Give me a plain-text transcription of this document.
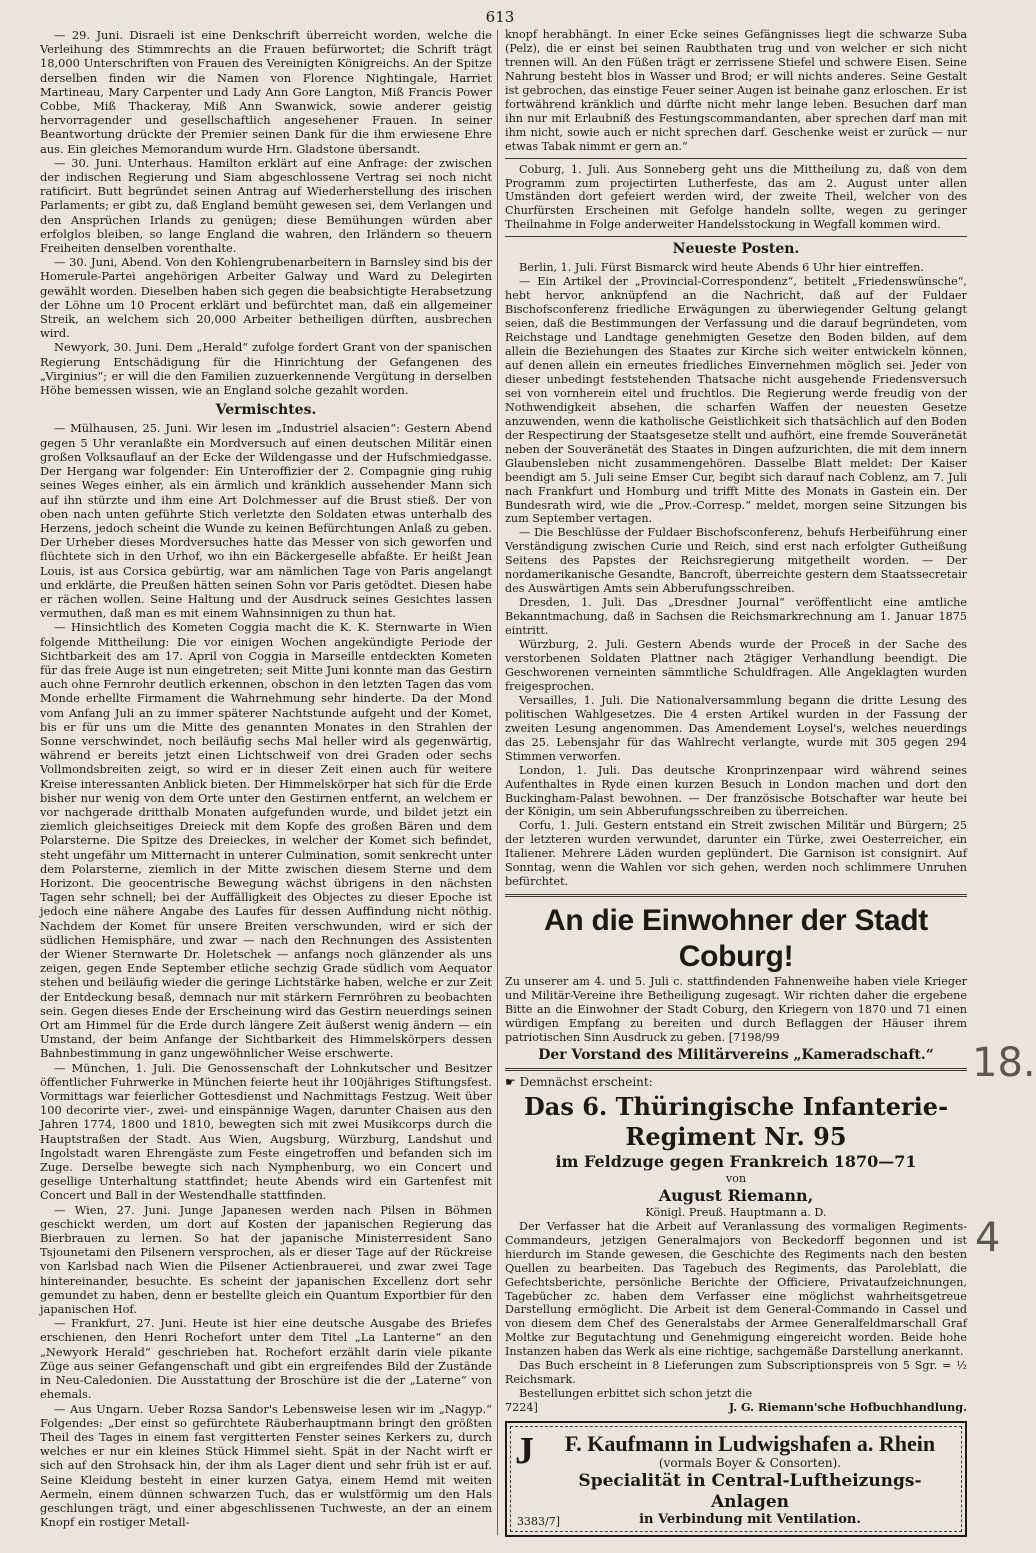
613

— 29. Juni. Disraeli ist eine Denkschrift überreicht worden, welche die Verleihung des Stimmrechts an die Frauen befürwortet; die Schrift trägt 18,000 Unterschriften von Frauen des Vereinigten Königreichs. An der Spitze derselben finden wir die Namen von Florence Nightingale, Harriet Martineau, Mary Carpenter und Lady Ann Gore Langton, Miß Francis Power Cobbe, Miß Thackeray, Miß Ann Swanwick, sowie anderer geistig hervorragender und gesellschaftlich angesehener Frauen. In seiner Beantwortung drückte der Premier seinen Dank für die ihm erwiesene Ehre aus. Ein gleiches Memorandum wurde Hrn. Gladstone übersandt.

— 30. Juni. Unterhaus. Hamilton erklärt auf eine Anfrage: der zwischen der indischen Regierung und Siam abgeschlossene Vertrag sei noch nicht ratificirt. Butt begründet seinen Antrag auf Wiederherstellung des irischen Parlaments; er gibt zu, daß England bemüht gewesen sei, dem Verlangen und den Ansprüchen Irlands zu genügen; diese Bemühungen würden aber erfolglos bleiben, so lange England die wahren, den Irländern so theuern Freiheiten denselben vorenthalte.

— 30. Juni, Abend. Von den Kohlengrubenarbeitern in Barnsley sind bis der Homerule-Partei angehörigen Arbeiter Galway und Ward zu Delegirten gewählt worden. Dieselben haben sich gegen die beabsichtigte Herabsetzung der Löhne um 10 Procent erklärt und befürchtet man, daß ein allgemeiner Streik, an welchem sich 20,000 Arbeiter betheiligen dürften, ausbrechen wird.

Newyork, 30. Juni. Dem „Herald“ zufolge fordert Grant von der spanischen Regierung Entschädigung für die Hinrichtung der Gefangenen des „Virginius“; er will die den Familien zuzuerkennende Vergütung in derselben Höhe bemessen wissen, wie an England solche gezahlt worden.

Vermischtes.

— Mülhausen, 25. Juni. Wir lesen im „Industriel alsacien“: Gestern Abend gegen 5 Uhr veranlaßte ein Mordversuch auf einen deutschen Militär einen großen Volksauflauf an der Ecke der Wildengasse und der Hufschmiedgasse. Der Hergang war folgender: Ein Unteroffizier der 2. Compagnie ging ruhig seines Weges einher, als ein ärmlich und kränklich aussehender Mann sich auf ihn stürzte und ihm eine Art Dolchmesser auf die Brust stieß. Der von oben nach unten geführte Stich verletzte den Soldaten etwas unterhalb des Herzens, jedoch scheint die Wunde zu keinen Befürchtungen Anlaß zu geben. Der Urheber dieses Mordversuches hatte das Messer von sich geworfen und flüchtete sich in den Urhof, wo ihn ein Bäckergeselle abfaßte. Er heißt Jean Louis, ist aus Corsica gebürtig, war am nämlichen Tage von Paris angelangt und erklärte, die Preußen hätten seinen Sohn vor Paris getödtet. Diesen habe er rächen wollen. Seine Haltung und der Ausdruck seines Gesichtes lassen vermuthen, daß man es mit einem Wahnsinnigen zu thun hat.

— Hinsichtlich des Kometen Coggia macht die K. K. Sternwarte in Wien folgende Mittheilung: Die vor einigen Wochen angekündigte Periode der Sichtbarkeit des am 17. April von Coggia in Marseille entdeckten Kometen für das freie Auge ist nun eingetreten; seit Mitte Juni konnte man das Gestirn auch ohne Fernrohr deutlich erkennen, obschon in den letzten Tagen das vom Monde erhellte Firmament die Wahrnehmung sehr hinderte. Da der Mond vom Anfang Juli an zu immer späterer Nachtstunde aufgeht und der Komet, bis er für uns um die Mitte des genannten Monates in den Strahlen der Sonne verschwindet, noch beiläufig sechs Mal heller wird als gegenwärtig, während er bereits jetzt einen Lichtschweif von drei Graden oder sechs Vollmondsbreiten zeigt, so wird er in dieser Zeit einen auch für weitere Kreise interessanten Anblick bieten. Der Himmelskörper hat sich für die Erde bisher nur wenig von dem Orte unter den Gestirnen entfernt, an welchem er vor nachgerade dritthalb Monaten aufgefunden wurde, und bildet jetzt ein ziemlich gleichseitiges Dreieck mit dem Kopfe des großen Bären und dem Polarsterne. Die Spitze des Dreieckes, in welcher der Komet sich befindet, steht ungefähr um Mitternacht in unterer Culmination, somit senkrecht unter dem Polarsterne, ziemlich in der Mitte zwischen diesem Sterne und dem Horizont. Die geocentrische Bewegung wächst übrigens in den nächsten Tagen sehr schnell; bei der Auffälligkeit des Objectes zu dieser Epoche ist jedoch eine nähere Angabe des Laufes für dessen Auffindung nicht nöthig. Nachdem der Komet für unsere Breiten verschwunden, wird er sich der südlichen Hemisphäre, und zwar — nach den Rechnungen des Assistenten der Wiener Sternwarte Dr. Holetschek — anfangs noch glänzender als uns zeigen, gegen Ende September etliche sechzig Grade südlich vom Aequator stehen und beiläufig wieder die geringe Lichtstärke haben, welche er zur Zeit der Entdeckung besaß, demnach nur mit stärkern Fernröhren zu beobachten sein. Gegen dieses Ende der Erscheinung wird das Gestirn neuerdings seinen Ort am Himmel für die Erde durch längere Zeit äußerst wenig ändern — ein Umstand, der beim Anfange der Sichtbarkeit des Himmelskörpers dessen Bahnbestimmung in ganz ungewöhnlicher Weise erschwerte.

— München, 1. Juli. Die Genossenschaft der Lohnkutscher und Besitzer öffentlicher Fuhrwerke in München feierte heut ihr 100jähriges Stiftungsfest. Vormittags war feierlicher Gottesdienst und Nachmittags Festzug. Weit über 100 decorirte vier-, zwei- und einspännige Wagen, darunter Chaisen aus den Jahren 1774, 1800 und 1810, bewegten sich mit zwei Musikcorps durch die Hauptstraßen der Stadt. Aus Wien, Augsburg, Würzburg, Landshut und Ingolstadt waren Ehrengäste zum Feste eingetroffen und befanden sich im Zuge. Derselbe bewegte sich nach Nymphenburg, wo ein Concert und gesellige Unterhaltung stattfindet; heute Abends wird ein Gartenfest mit Concert und Ball in der Westendhalle stattfinden.

— Wien, 27. Juni. Junge Japanesen werden nach Pilsen in Böhmen geschickt werden, um dort auf Kosten der japanischen Regierung das Bierbrauen zu lernen. So hat der japanische Ministerresident Sano Tsjounetami den Pilsenern versprochen, als er dieser Tage auf der Rückreise von Karlsbad nach Wien die Pilsener Actienbrauerei, und zwar zwei Tage hintereinander, besuchte. Es scheint der japanischen Excellenz dort sehr gemundet zu haben, denn er bestellte gleich ein Quantum Exportbier für den japanischen Hof.

— Frankfurt, 27. Juni. Heute ist hier eine deutsche Ausgabe des Briefes erschienen, den Henri Rochefort unter dem Titel „La Lanterne“ an den „Newyork Herald“ geschrieben hat. Rochefort erzählt darin viele pikante Züge aus seiner Gefangenschaft und gibt ein ergreifendes Bild der Zustände in Neu-Caledonien. Die Ausstattung der Broschüre ist die der „Laterne“ von ehemals.

— Aus Ungarn. Ueber Rozsa Sandor's Lebensweise lesen wir im „Nagyp.“ Folgendes: „Der einst so gefürchtete Räuberhauptmann bringt den größten Theil des Tages in einem fast vergitterten Fenster seines Kerkers zu, durch welches er nur ein kleines Stück Himmel sieht. Spät in der Nacht wirft er sich auf den Strohsack hin, der ihm als Lager dient und sehr früh ist er auf. Seine Kleidung besteht in einer kurzen Gatya, einem Hemd mit weiten Aermeln, einem dünnen schwarzen Tuch, das er wulstförmig um den Hals geschlungen trägt, und einer abgeschlissenen Tuchweste, an der an einem Knopf ein rostiger Metall-

knopf herabhängt. In einer Ecke seines Gefängnisses liegt die schwarze Suba (Pelz), die er einst bei seinen Raubthaten trug und von welcher er sich nicht trennen will. An den Füßen trägt er zerrissene Stiefel und schwere Eisen. Seine Nahrung besteht blos in Wasser und Brod; er will nichts anderes. Seine Gestalt ist gebrochen, das einstige Feuer seiner Augen ist beinahe ganz erloschen. Er ist fortwährend kränklich und dürfte nicht mehr lange leben. Besuchen darf man ihn nur mit Erlaubniß des Festungscommandanten, aber sprechen darf man mit ihm nicht, sowie auch er nicht sprechen darf. Geschenke weist er zurück — nur etwas Tabak nimmt er gern an.“

Coburg, 1. Juli. Aus Sonneberg geht uns die Mittheilung zu, daß von dem Programm zum projectirten Lutherfeste, das am 2. August unter allen Umständen dort gefeiert werden wird, der zweite Theil, welcher von des Churfürsten Erscheinen mit Gefolge handeln sollte, wegen zu geringer Theilnahme in Folge anderweiter Handelsstockung in Wegfall kommen wird.

Neueste Posten.

Berlin, 1. Juli. Fürst Bismarck wird heute Abends 6 Uhr hier eintreffen.

— Ein Artikel der „Provincial-Correspondenz“, betitelt „Friedenswünsche“, hebt hervor, anknüpfend an die Nachricht, daß auf der Fuldaer Bischofsconferenz friedliche Erwägungen zu überwiegender Geltung gelangt seien, daß die Bestimmungen der Verfassung und die darauf begründeten, vom Reichstage und Landtage genehmigten Gesetze den Boden bilden, auf dem allein die Beziehungen des Staates zur Kirche sich weiter entwickeln können, auf denen allein ein erneutes friedliches Einvernehmen möglich sei. Jeder von dieser unbedingt feststehenden Thatsache nicht ausgehende Friedensversuch sei von vornherein eitel und fruchtlos. Die Regierung werde freudig von der Nothwendigkeit absehen, die scharfen Waffen der neuesten Gesetze anzuwenden, wenn die katholische Geistlichkeit sich thatsächlich auf den Boden der Respectirung der Staatsgesetze stellt und aufhört, eine fremde Souveränetät neben der Souveränetät des Staates in Dingen aufzurichten, die mit dem innern Glaubensleben nicht zusammengehören. Dasselbe Blatt meldet: Der Kaiser beendigt am 5. Juli seine Emser Cur, begibt sich darauf nach Coblenz, am 7. Juli nach Frankfurt und Homburg und trifft Mitte des Monats in Gastein ein. Der Bundesrath wird, wie die „Prov.-Corresp.“ meldet, morgen seine Sitzungen bis zum September vertagen.

— Die Beschlüsse der Fuldaer Bischofsconferenz, behufs Herbeiführung einer Verständigung zwischen Curie und Reich, sind erst nach erfolgter Gutheißung Seitens des Papstes der Reichsregierung mitgetheilt worden. — Der nordamerikanische Gesandte, Bancroft, überreichte gestern dem Staatssecretair des Auswärtigen Amts sein Abberufungsschreiben.

Dresden, 1. Juli. Das „Dresdner Journal“ veröffentlicht eine amtliche Bekanntmachung, daß in Sachsen die Reichsmarkrechnung am 1. Januar 1875 eintritt.

Würzburg, 2. Juli. Gestern Abends wurde der Proceß in der Sache des verstorbenen Soldaten Plattner nach 2tägiger Verhandlung beendigt. Die Geschworenen verneinten sämmtliche Schuldfragen. Alle Angeklagten wurden freigesprochen.

Versailles, 1. Juli. Die Nationalversammlung begann die dritte Lesung des politischen Wahlgesetzes. Die 4 ersten Artikel wurden in der Fassung der zweiten Lesung angenommen. Das Amendement Loysel's, welches neuerdings das 25. Lebensjahr für das Wahlrecht verlangte, wurde mit 305 gegen 294 Stimmen verworfen.

London, 1. Juli. Das deutsche Kronprinzenpaar wird während seines Aufenthaltes in Ryde einen kurzen Besuch in London machen und dort den Buckingham-Palast bewohnen. — Der französische Botschafter war heute bei der Königin, um sein Abberufungsschreiben zu überreichen.

Corfu, 1. Juli. Gestern entstand ein Streit zwischen Militär und Bürgern; 25 der letzteren wurden verwundet, darunter ein Türke, zwei Oesterreicher, ein Italiener. Mehrere Läden wurden geplündert. Die Garnison ist consignirt. Auf Sonntag, wenn die Wahlen vor sich gehen, werden noch schlimmere Unruhen befürchtet.

An die Einwohner der Stadt Coburg!

Zu unserer am 4. und 5. Juli c. stattfindenden Fahnenweihe haben viele Krieger und Militär-Vereine ihre Betheiligung zugesagt. Wir richten daher die ergebene Bitte an die Einwohner der Stadt Coburg, den Kriegern von 1870 und 71 einen würdigen Empfang zu bereiten und durch Beflaggen der Häuser ihrem patriotischen Sinn Ausdruck zu geben. [7198/99

Der Vorstand des Militärvereins „Kameradschaft.“
☛ Demnächst erscheint:
Das 6. Thüringische Infanterie-Regiment Nr. 95
im Feldzuge gegen Frankreich 1870—71
von
August Riemann,
Königl. Preuß. Hauptmann a. D.

Der Verfasser hat die Arbeit auf Veranlassung des vormaligen Regiments-Commandeurs, jetzigen Generalmajors von Beckedorff begonnen und ist hierdurch im Stande gewesen, die Geschichte des Regiments nach den besten Quellen zu bearbeiten. Das Tagebuch des Regiments, das Paroleblatt, die Gefechtsberichte, persönliche Berichte der Officiere, Privataufzeichnungen, Tagebücher zc. haben dem Verfasser eine möglichst wahrheitsgetreue Darstellung ermöglicht. Die Arbeit ist dem General-Commando in Cassel und von diesem dem Chef des Generalstabs der Armee Generalfeldmarschall Graf Moltke zur Begutachtung und Genehmigung eingereicht worden. Beide hohe Instanzen haben das Werk als eine richtige, sachgemäße Darstellung anerkannt.

Das Buch erscheint in 8 Lieferungen zum Subscriptionspreis von 5 Sgr. = ½ Reichsmark.

Bestellungen erbittet sich schon jetzt die

7224]	J. G. Riemann'sche Hofbuchhandlung.
J	F. Kaufmann in Ludwigshafen a. Rhein
(vormals Boyer & Consorten).
Specialität in Central-Luftheizungs-Anlagen
in Verbindung mit Ventilation.
3383/7]
18.
4
